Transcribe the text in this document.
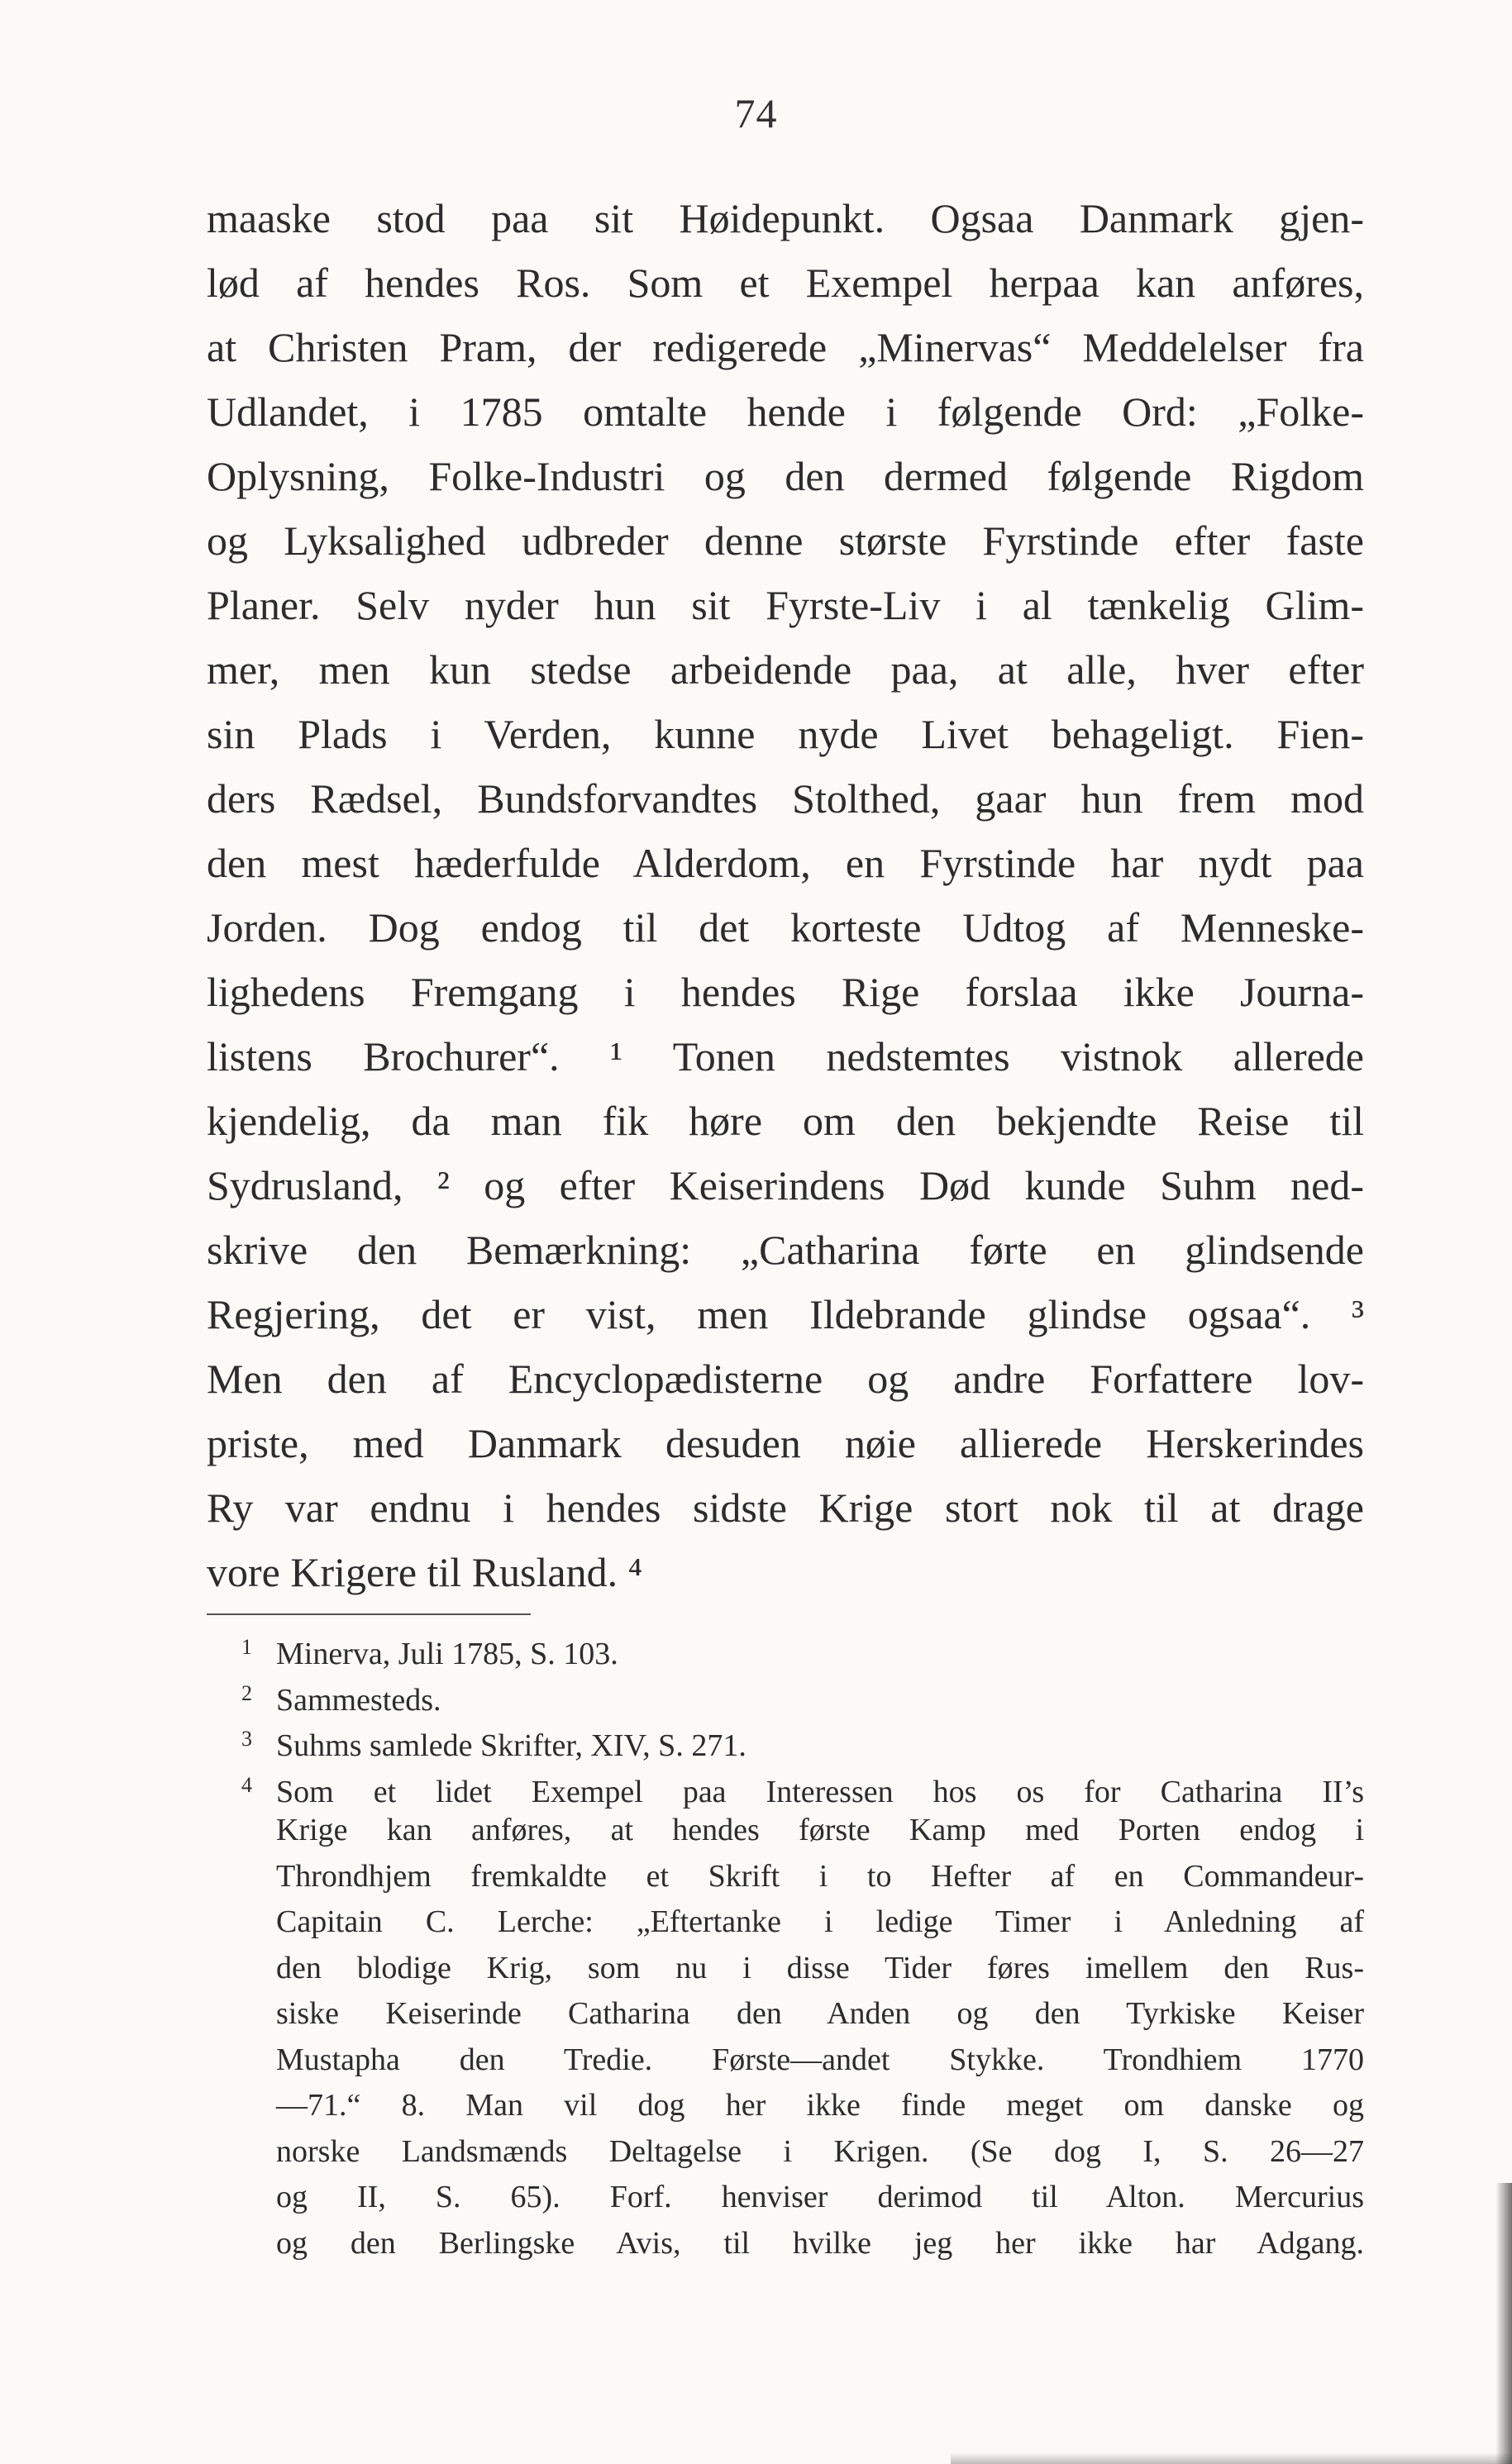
74
maaske stod paa sit Høidepunkt. Ogsaa Danmark gjen-
lød af hendes Ros. Som et Exempel herpaa kan anføres,
at Christen Pram, der redigerede „Minervas“ Meddelelser fra
Udlandet, i 1785 omtalte hende i følgende Ord: „Folke-
Oplysning, Folke-Industri og den dermed følgende Rigdom
og Lyksalighed udbreder denne største Fyrstinde efter faste
Planer. Selv nyder hun sit Fyrste-Liv i al tænkelig Glim-
mer, men kun stedse arbeidende paa, at alle, hver efter
sin Plads i Verden, kunne nyde Livet behageligt. Fien-
ders Rædsel, Bundsforvandtes Stolthed, gaar hun frem mod
den mest hæderfulde Alderdom, en Fyrstinde har nydt paa
Jorden. Dog endog til det korteste Udtog af Menneske-
lighedens Fremgang i hendes Rige forslaa ikke Journa-
listens Brochurer“. ¹ Tonen nedstemtes vistnok allerede
kjendelig, da man fik høre om den bekjendte Reise til
Sydrusland, ² og efter Keiserindens Død kunde Suhm ned-
skrive den Bemærkning: „Catharina førte en glindsende
Regjering, det er vist, men Ildebrande glindse ogsaa“. ³
Men den af Encyclopædisterne og andre Forfattere lov-
priste, med Danmark desuden nøie allierede Herskerindes
Ry var endnu i hendes sidste Krige stort nok til at drage
vore Krigere til Rusland. ⁴
1 Minerva, Juli 1785, S. 103.
2 Sammesteds.
3 Suhms samlede Skrifter, XIV, S. 271.
4 Som et lidet Exempel paa Interessen hos os for Catharina II’s
Krige kan anføres, at hendes første Kamp med Porten endog i
Throndhjem fremkaldte et Skrift i to Hefter af en Commandeur-
Capitain C. Lerche: „Eftertanke i ledige Timer i Anledning af
den blodige Krig, som nu i disse Tider føres imellem den Rus-
siske Keiserinde Catharina den Anden og den Tyrkiske Keiser
Mustapha den Tredie. Første—andet Stykke. Trondhiem 1770
—71.“ 8. Man vil dog her ikke finde meget om danske og
norske Landsmænds Deltagelse i Krigen. (Se dog I, S. 26—27
og II, S. 65). Forf. henviser derimod til Alton. Mercurius
og den Berlingske Avis, til hvilke jeg her ikke har Adgang.
